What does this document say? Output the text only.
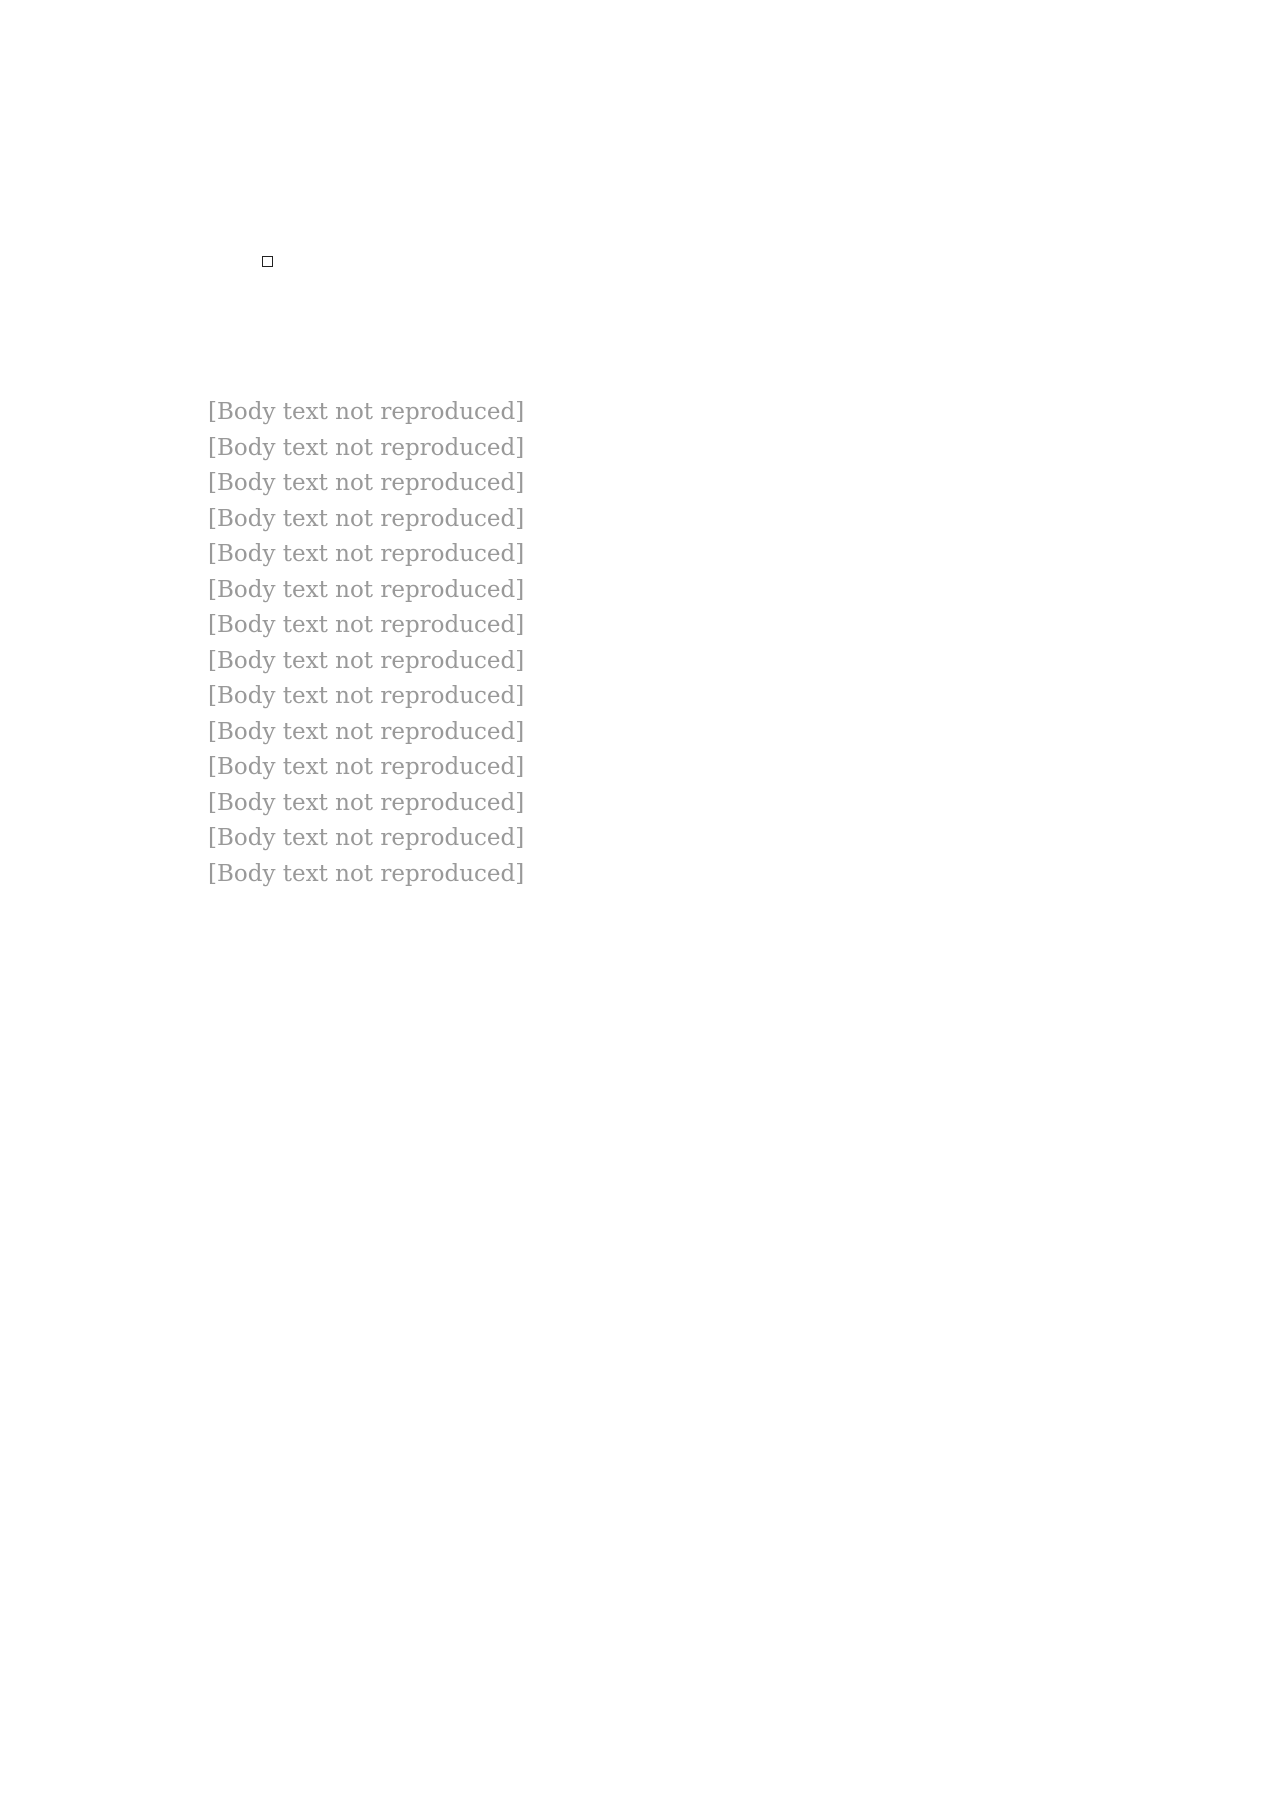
[Body text not reproduced]

[Body text not reproduced]

[Body text not reproduced]

[Body text not reproduced]

[Body text not reproduced]

[Body text not reproduced]

[Body text not reproduced]

[Body text not reproduced]

[Body text not reproduced]

[Body text not reproduced]

[Body text not reproduced]

[Body text not reproduced]

[Body text not reproduced]

[Body text not reproduced]
